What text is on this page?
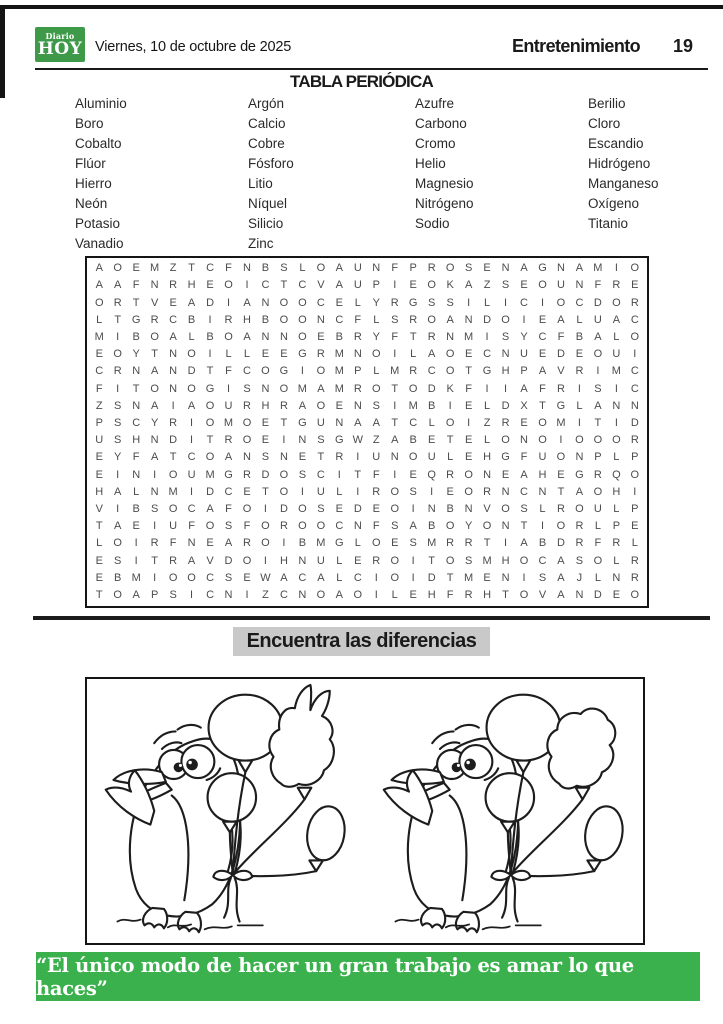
Diario
HOY Viernes, 10 de octubre de 2025	Entretenimiento 19
TABLA PERIÓDICA
Aluminio
Boro
Cobalto
Flúor
Hierro
Neón
Potasio
Vanadio
Argón
Calcio
Cobre
Fósforo
Litio
Níquel
Silicio
Zinc
Azufre
Carbono
Cromo
Helio
Magnesio
Nitrógeno
Sodio
Berilio
Cloro
Escandio
Hidrógeno
Manganeso
Oxígeno
Titanio
A O E M Z	T	C	F	N B	S	L	O A U N	F	P R O S	E N A G N A M	I	O
A	A	F	N R H E O	I	C	T	C V	A U P	I	E O K	A	Z	S	E O U N	F	R E
O R	T	V	E	A D	I	A N O O C E	L	Y R G S	S	I	L	I	C	I	O C D O R
L	T G R C B	I	R H B O O N C	F	L	S R O A N D O	I	E	A	L	U A C
M	I	B O A	L	B O A N N O E	B R Y	F	T	R N M	I	S	Y C	F	B	A	L	O
E O Y	T	N O	I	L	L	E	E G R M N O	I	L	A O E C N U E D E O U	I
C R N A N D	T	F	C O G	I	O M P	L M R C O T G H P	A	V R	I	M C
F	I	T O N O G	I	S N O M A M R O T O D K	F	I	I	A	F	R	I	S	I	C
Z	S N A	I	A O U R H R A O E N S	I	M B	I	E	L	D X	T G	L	A N N
P	S C Y R	I	O M O E	T G U N A	A	T	C	L	O	I	Z	R E O M	I	T	I	D
U S H N D	I	T	R O E	I	N S G W Z	A	B	E	T	E	L	O N O	I	O O O R
E	Y	F	A	T	C O A N S N E	T	R	I	U N O U	L	E H G F	U O N P	L	P
E	I	N	I	O U M G R D O S C	I	T	F	I	E Q R O N E	A H E G R Q O
H A	L	N M	I	D C E	T O	I	U	L	I	R O S	I	E O R N C N	T	A O H	I
V	I	B	S O C A	F O	I	D O S	E D E O	I	N B N V O S	L	R O U	L	P
T	A	E	I	U	F O S	F O R O O C N	F	S	A	B O Y O N	T	I	O R	L	P	E
L	O	I	R	F	N E	A R O	I	B M G	L	O E	S M R R	T	I	A	B D R	F	R	L
E	S	I	T	R A	V D O	I	H N U	L	E R O	I	T O S M H O C A	S O	L	R
E	B M	I	O O C S	E W A C A	L	C	I	O	I	D	T M E N	I	S	A	J	L	N R
T O A	P	S	I	C N	I	Z	C N O A O	I	L	E H	F	R H	T O V	A N D E O
Encuentra las diferencias
“El único modo de hacer un gran trabajo es amar lo que haces”
